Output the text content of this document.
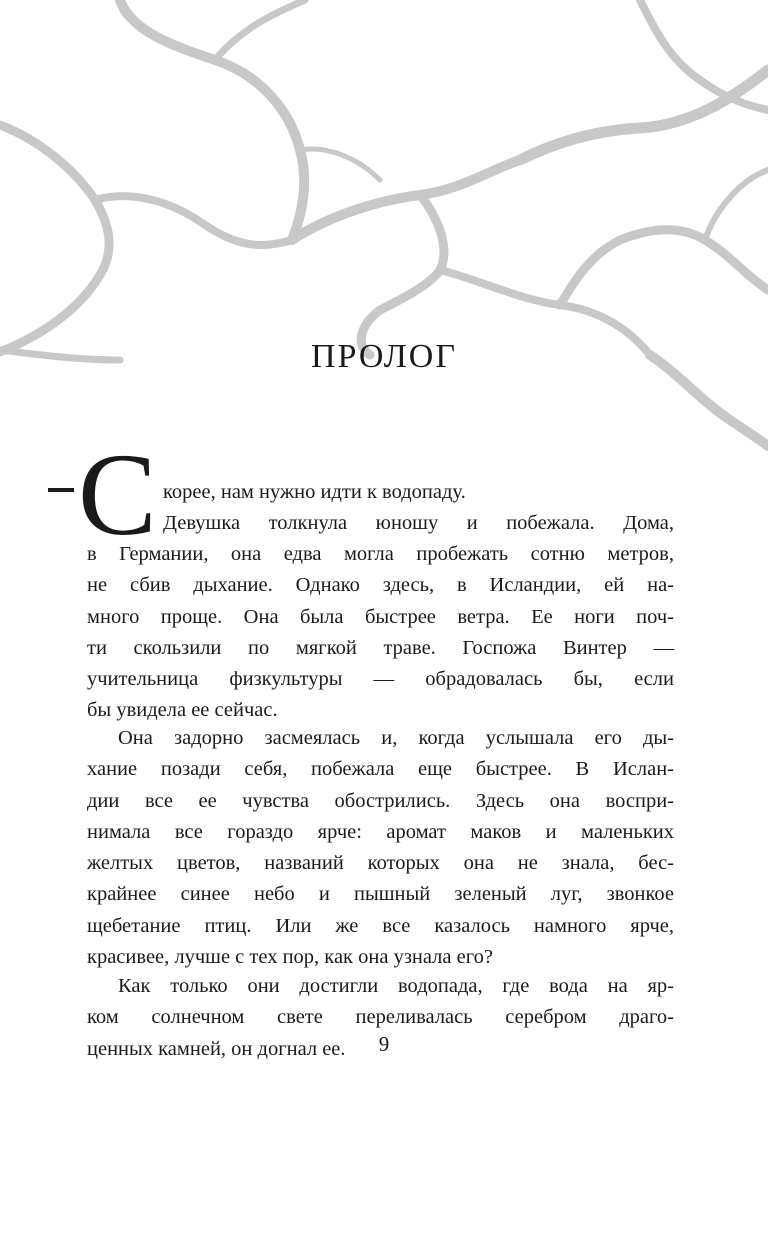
ПРОЛОГ
С корее, нам нужно идти к водопаду.
Девушка толкнула юношу и побежала. Дома,
в Германии, она едва могла пробежать сотню метров,
не сбив дыхание. Однако здесь, в Исландии, ей на-
много проще. Она была быстрее ветра. Ее ноги поч-
ти скользили по мягкой траве. Госпожа Винтер —
учительница физкультуры — обрадовалась бы, если
бы увидела ее сейчас.
Она задорно засмеялась и, когда услышала его ды-
хание позади себя, побежала еще быстрее. В Ислан-
дии все ее чувства обострились. Здесь она воспри-
нимала все гораздо ярче: аромат маков и маленьких
желтых цветов, названий которых она не знала, бес-
крайнее синее небо и пышный зеленый луг, звонкое
щебетание птиц. Или же все казалось намного ярче,
красивее, лучше с тех пор, как она узнала его?
Как только они достигли водопада, где вода на яр-
ком солнечном свете переливалась серебром драго-
ценных камней, он догнал ее.	9
